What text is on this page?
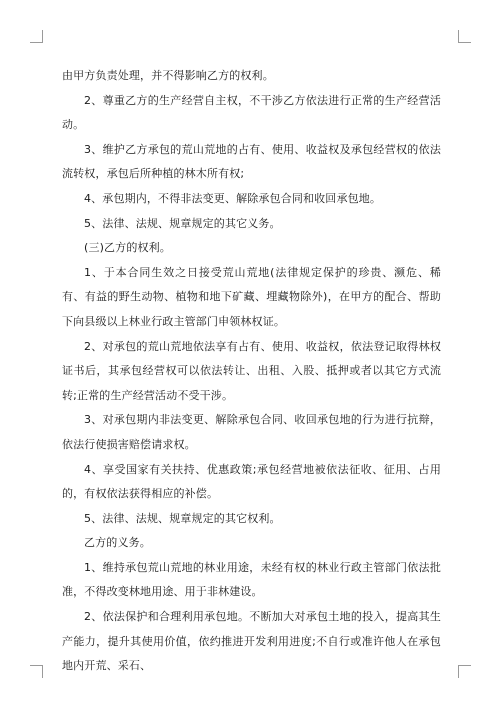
由甲方负责处理，并不得影响乙方的权利。

2、尊重乙方的生产经营自主权，不干涉乙方依法进行正常的生产经营活动。

3、维护乙方承包的荒山荒地的占有、使用、收益权及承包经营权的依法流转权，承包后所种植的林木所有权;

4、承包期内，不得非法变更、解除承包合同和收回承包地。

5、法律、法规、规章规定的其它义务。

(三)乙方的权利。

1、于本合同生效之日接受荒山荒地(法律规定保护的珍贵、濒危、稀有、有益的野生动物、植物和地下矿藏、埋藏物除外)，在甲方的配合、帮助下向县级以上林业行政主管部门申领林权证。

2、对承包的荒山荒地依法享有占有、使用、收益权，依法登记取得林权证书后，其承包经营权可以依法转让、出租、入股、抵押或者以其它方式流转;正常的生产经营活动不受干涉。

3、对承包期内非法变更、解除承包合同、收回承包地的行为进行抗辩，依法行使损害赔偿请求权。

4、享受国家有关扶持、优惠政策;承包经营地被依法征收、征用、占用的，有权依法获得相应的补偿。

5、法律、法规、规章规定的其它权利。

乙方的义务。

1、维持承包荒山荒地的林业用途，未经有权的林业行政主管部门依法批准，不得改变林地用途、用于非林建设。

2、依法保护和合理利用承包地。不断加大对承包土地的投入，提高其生产能力，提升其使用价值，依约推进开发利用进度;不自行或准许他人在承包地内开荒、采石、
